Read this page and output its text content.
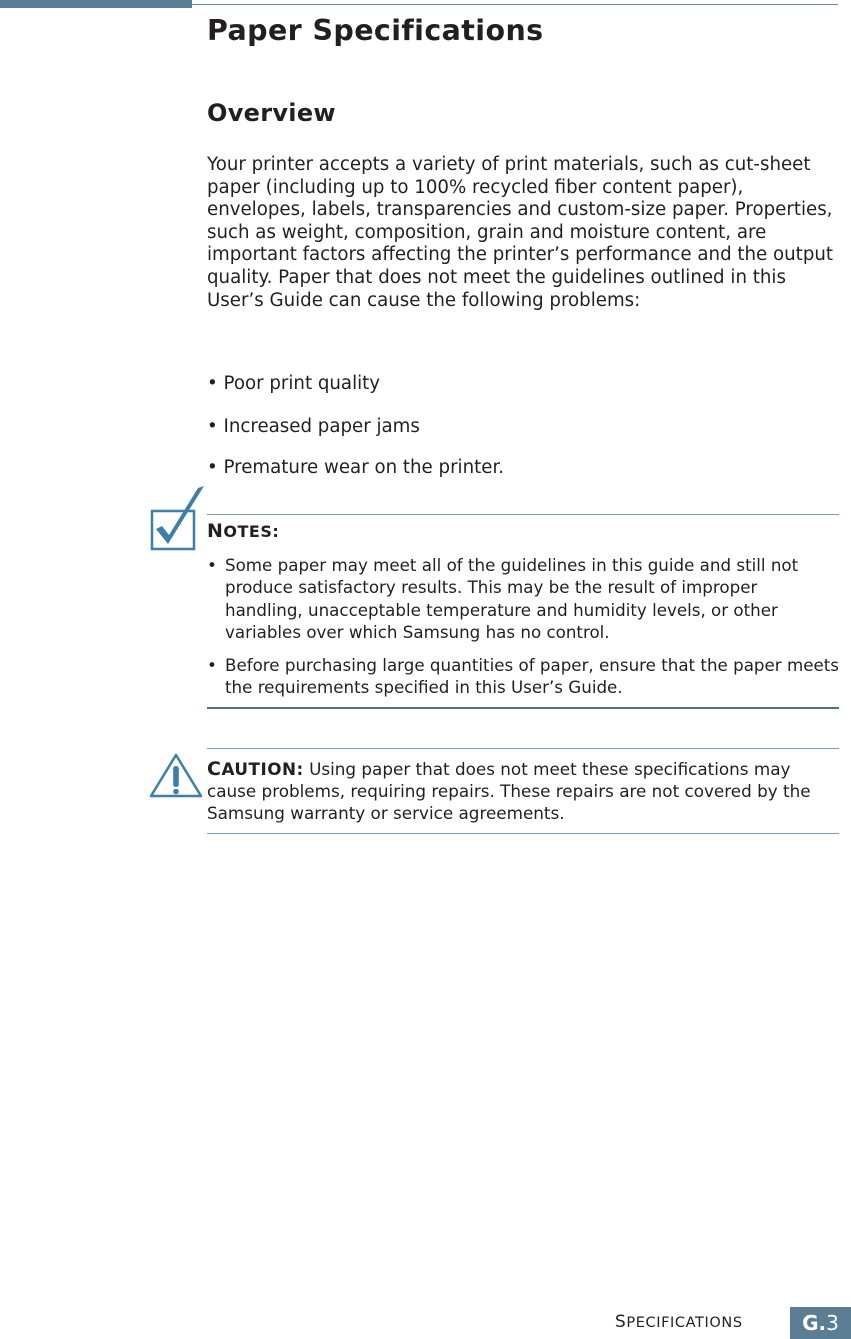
Paper Specifications
Overview

Your printer accepts a variety of print materials, such as cut-sheet paper (including up to 100% recycled fiber content paper), envelopes, labels, transparencies and custom-size paper. Properties, such as weight, composition, grain and moisture content, are important factors affecting the printer’s performance and the output quality. Paper that does not meet the guidelines outlined in this User’s Guide can cause the following problems:

• Poor print quality

• Increased paper jams

• Premature wear on the printer.

NOTES:

• Some paper may meet all of the guidelines in this guide and still not produce satisfactory results. This may be the result of improper handling, unacceptable temperature and humidity levels, or other variables over which Samsung has no control.

• Before purchasing large quantities of paper, ensure that the paper meets the requirements specified in this User’s Guide.

CAUTION: Using paper that does not meet these specifications may cause problems, requiring repairs. These repairs are not covered by the Samsung warranty or service agreements.

SPECIFICATIONS	G.3
